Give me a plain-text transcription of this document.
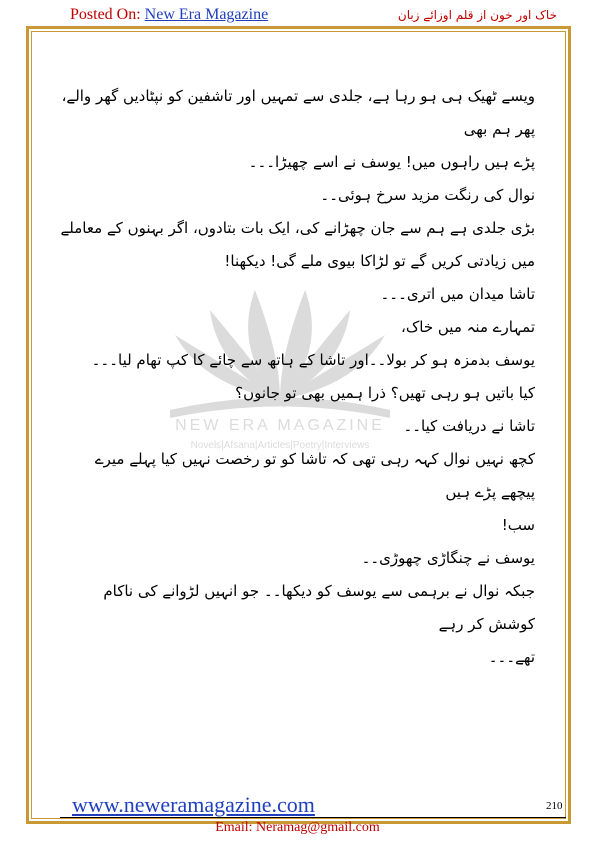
Posted On: New Era Magazine	خاک اور خون از قلم اوزائے زبان
NEW ERA MAGAZINE
Novels|Afsana|Articles|Poetry|Interviews

ویسے ٹھیک ہی ہو رہا ہے، جلدی سے تمہیں اور تاشفین کو نپٹادیں گھر والے، پھر ہم بھی

پڑے ہیں راہوں میں! یوسف نے اسے چھیڑا۔۔۔

نوال کی رنگت مزید سرخ ہوئی۔۔

بڑی جلدی ہے ہم سے جان چھڑانے کی، ایک بات بتادوں، اگر بہنوں کے معاملے

میں زیادتی کریں گے تو لڑاکا بیوی ملے گی! دیکھنا!

تاشا میدان میں اتری۔۔۔

تمہارے منہ میں خاک،

یوسف بدمزہ ہو کر بولا۔۔اور تاشا کے ہاتھ سے چائے کا کپ تھام لیا۔۔۔

کیا باتیں ہو رہی تھیں؟ ذرا ہمیں بھی تو جانوں؟

تاشا نے دریافت کیا۔۔

کچھ نہیں نوال کہہ رہی تھی کہ تاشا کو تو رخصت نہیں کیا پہلے میرے پیچھے پڑے ہیں

سب!

یوسف نے چنگاڑی چھوڑی۔۔

جبکہ نوال نے برہمی سے یوسف کو دیکھا۔۔ جو انہیں لڑوانے کی ناکام کوشش کر رہے

تھے۔۔۔

www.neweramagazine.com	210
Email: Neramag@gmail.com
